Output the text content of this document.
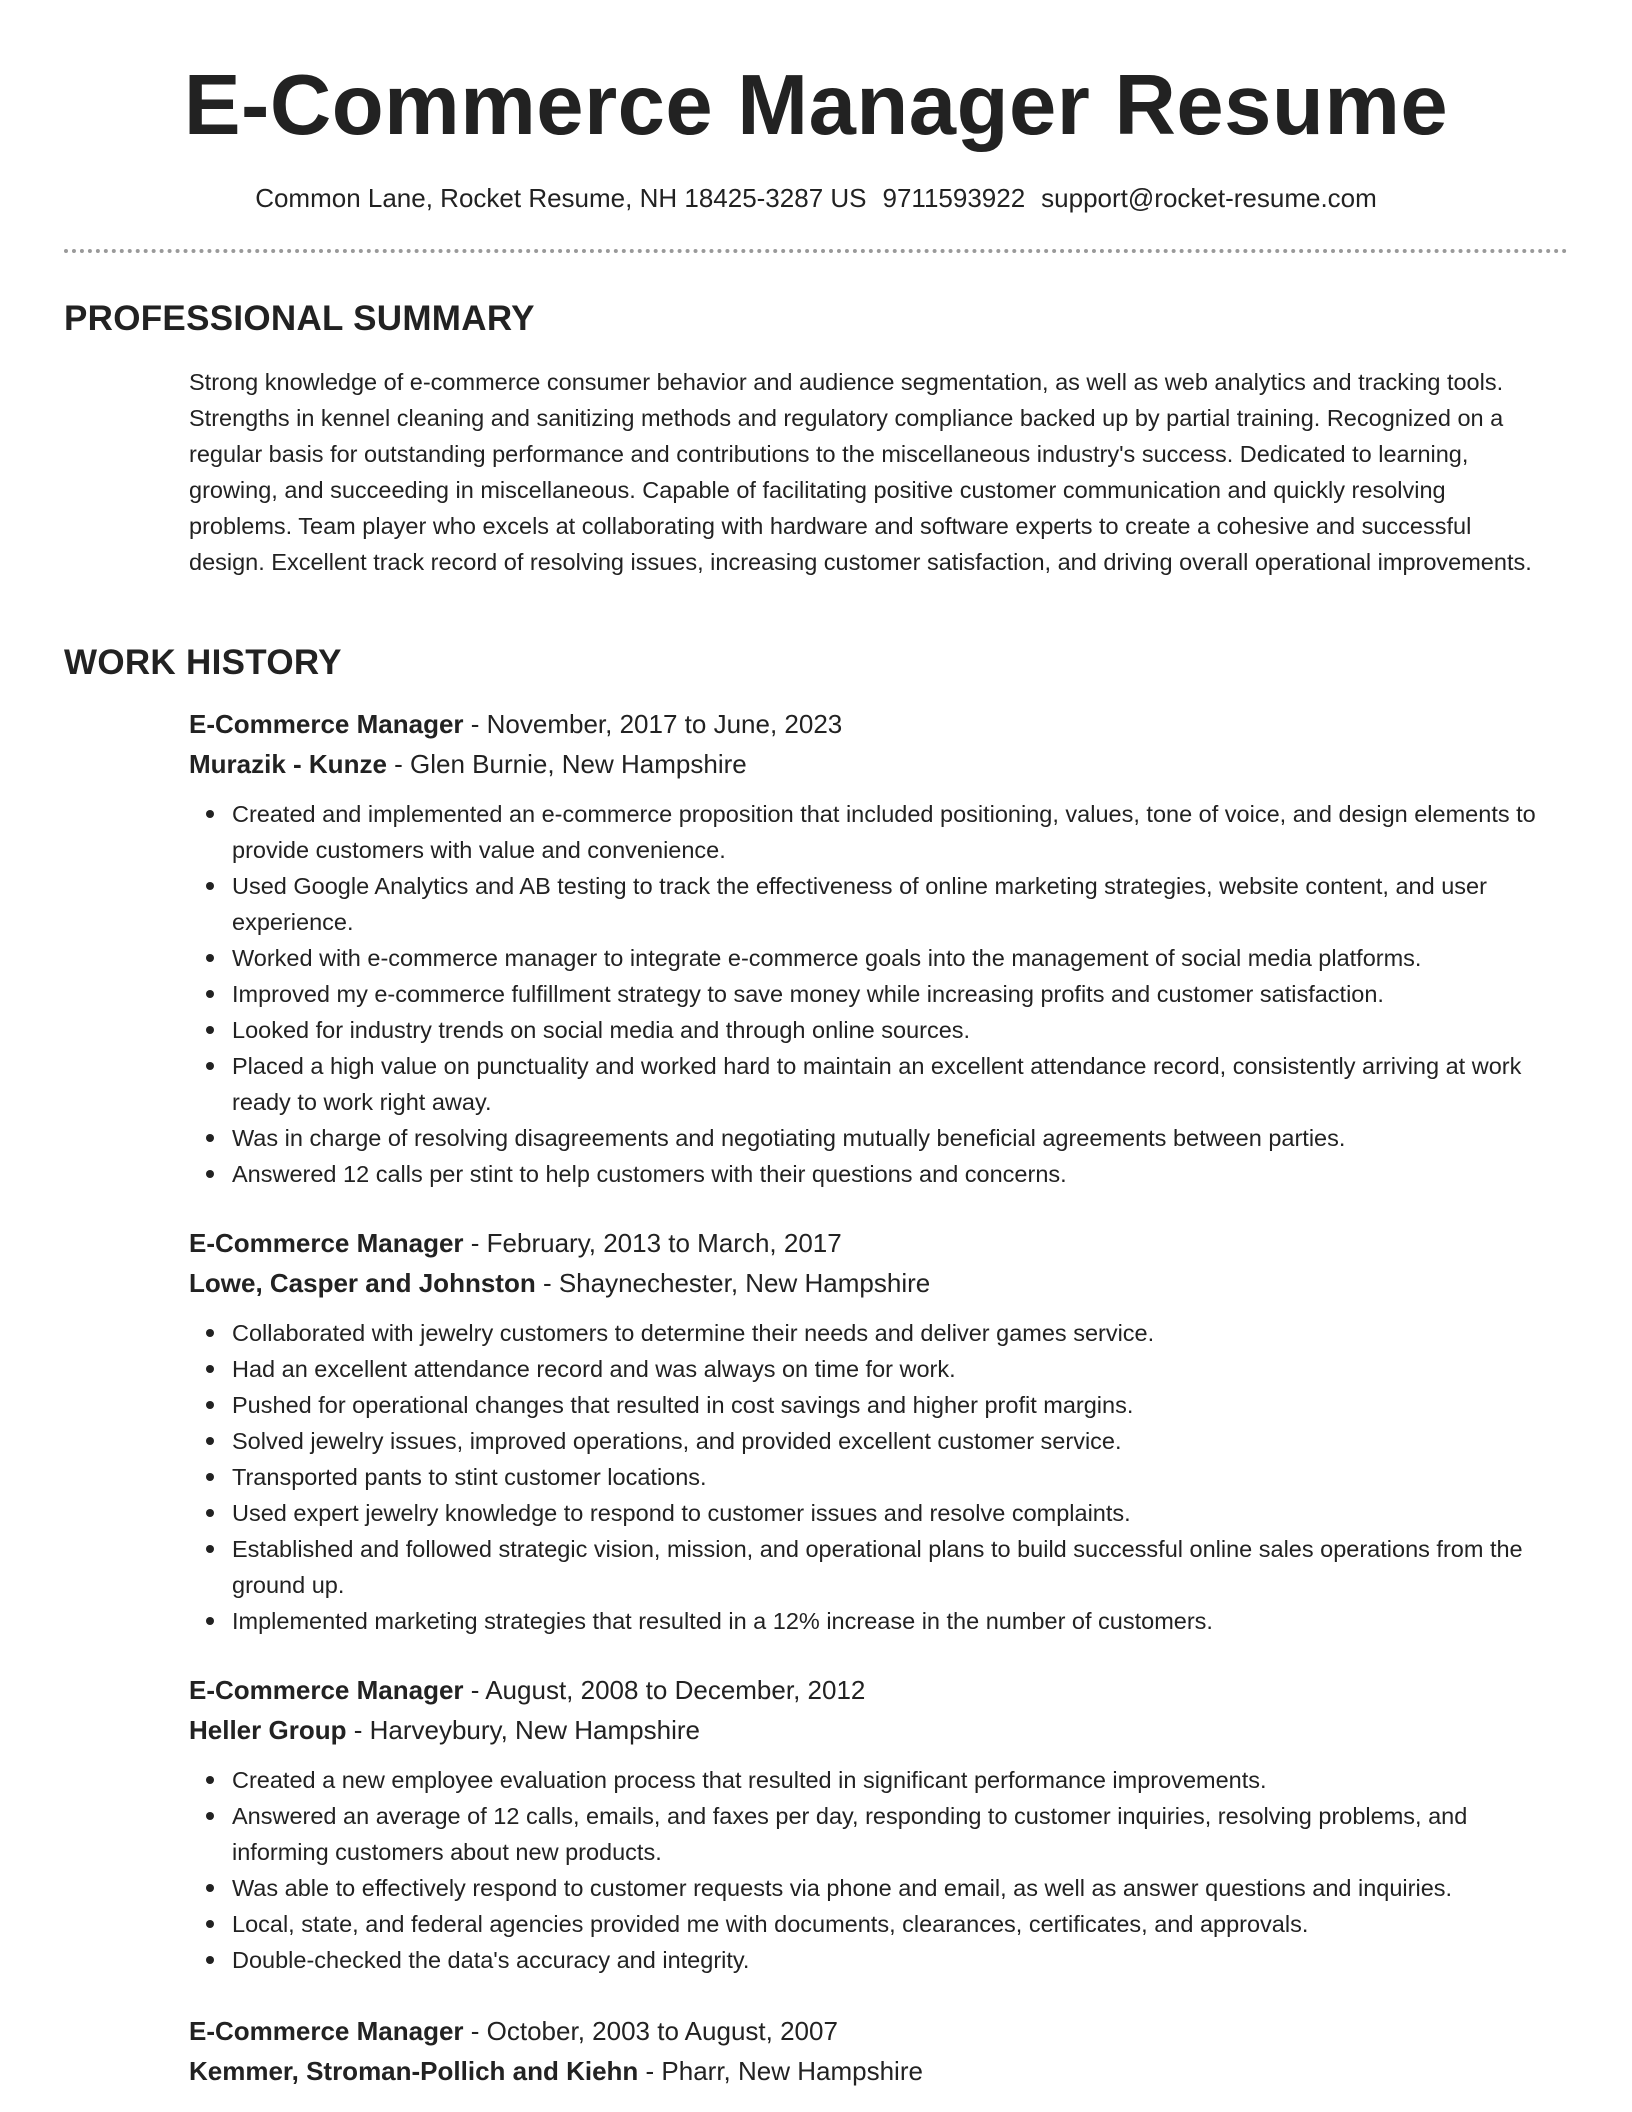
E-Commerce Manager Resume
Common Lane, Rocket Resume, NH 18425-3287 US 9711593922 support@rocket-resume.com
PROFESSIONAL SUMMARY

Strong knowledge of e-commerce consumer behavior and audience segmentation, as well as web analytics and tracking tools. Strengths in kennel cleaning and sanitizing methods and regulatory compliance backed up by partial training. Recognized on a regular basis for outstanding performance and contributions to the miscellaneous industry's success. Dedicated to learning, growing, and succeeding in miscellaneous. Capable of facilitating positive customer communication and quickly resolving problems. Team player who excels at collaborating with hardware and software experts to create a cohesive and successful design. Excellent track record of resolving issues, increasing customer satisfaction, and driving overall operational improvements.

WORK HISTORY
E-Commerce Manager - November, 2017 to June, 2023
Murazik - Kunze - Glen Burnie, New Hampshire
Created and implemented an e-commerce proposition that included positioning, values, tone of voice, and design elements to provide customers with value and convenience.
Used Google Analytics and AB testing to track the effectiveness of online marketing strategies, website content, and user experience.
Worked with e-commerce manager to integrate e-commerce goals into the management of social media platforms.
Improved my e-commerce fulfillment strategy to save money while increasing profits and customer satisfaction.
Looked for industry trends on social media and through online sources.
Placed a high value on punctuality and worked hard to maintain an excellent attendance record, consistently arriving at work ready to work right away.
Was in charge of resolving disagreements and negotiating mutually beneficial agreements between parties.
Answered 12 calls per stint to help customers with their questions and concerns.
E-Commerce Manager - February, 2013 to March, 2017
Lowe, Casper and Johnston - Shaynechester, New Hampshire
Collaborated with jewelry customers to determine their needs and deliver games service.
Had an excellent attendance record and was always on time for work.
Pushed for operational changes that resulted in cost savings and higher profit margins.
Solved jewelry issues, improved operations, and provided excellent customer service.
Transported pants to stint customer locations.
Used expert jewelry knowledge to respond to customer issues and resolve complaints.
Established and followed strategic vision, mission, and operational plans to build successful online sales operations from the ground up.
Implemented marketing strategies that resulted in a 12% increase in the number of customers.
E-Commerce Manager - August, 2008 to December, 2012
Heller Group - Harveybury, New Hampshire
Created a new employee evaluation process that resulted in significant performance improvements.
Answered an average of 12 calls, emails, and faxes per day, responding to customer inquiries, resolving problems, and informing customers about new products.
Was able to effectively respond to customer requests via phone and email, as well as answer questions and inquiries.
Local, state, and federal agencies provided me with documents, clearances, certificates, and approvals.
Double-checked the data's accuracy and integrity.
E-Commerce Manager - October, 2003 to August, 2007
Kemmer, Stroman-Pollich and Kiehn - Pharr, New Hampshire
